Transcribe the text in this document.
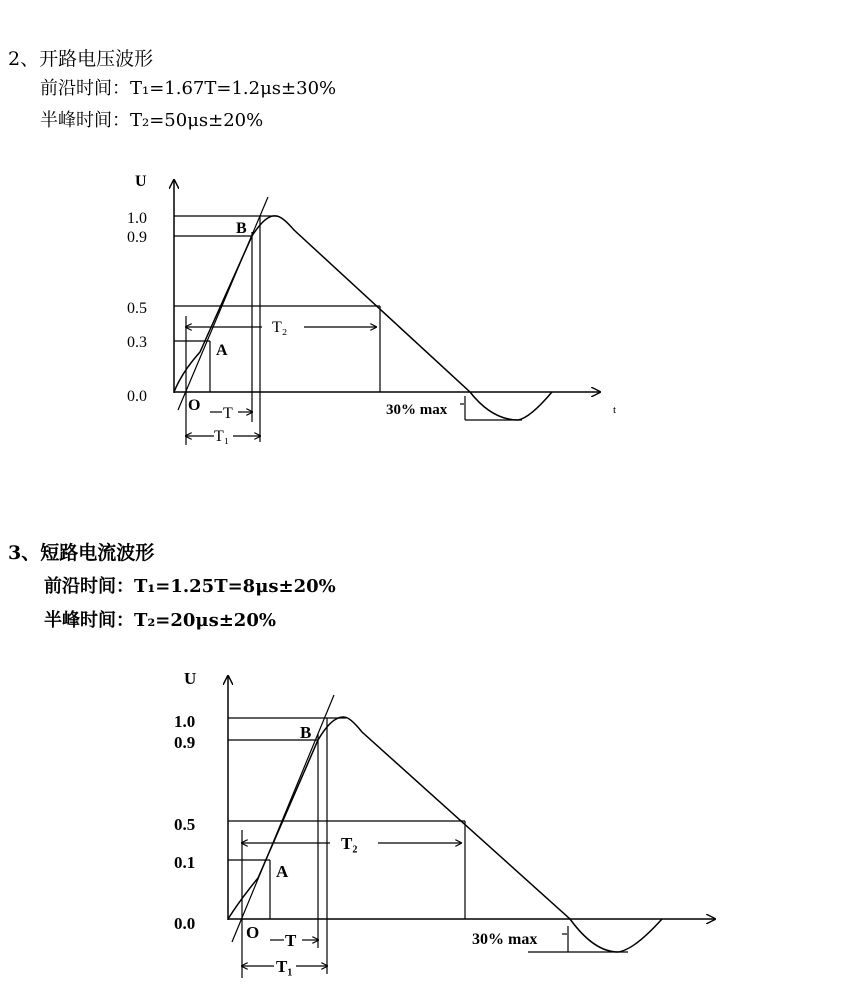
2、开路电压波形
前沿时间：T₁=1.67T=1.2μs±30%
半峰时间：T₂=50μs±20%
3、短路电流波形
前沿时间：T₁=1.25T=8μs±20%
半峰时间：T₂=20μs±20%
U
t
1.0
0.9
0.5
0.3
0.0
T₂
T
T₁
A
B
O	30% max
U
1.0
0.9
0.5
0.1
0.0
T₂
T
T₁
A
B
O	30% max
